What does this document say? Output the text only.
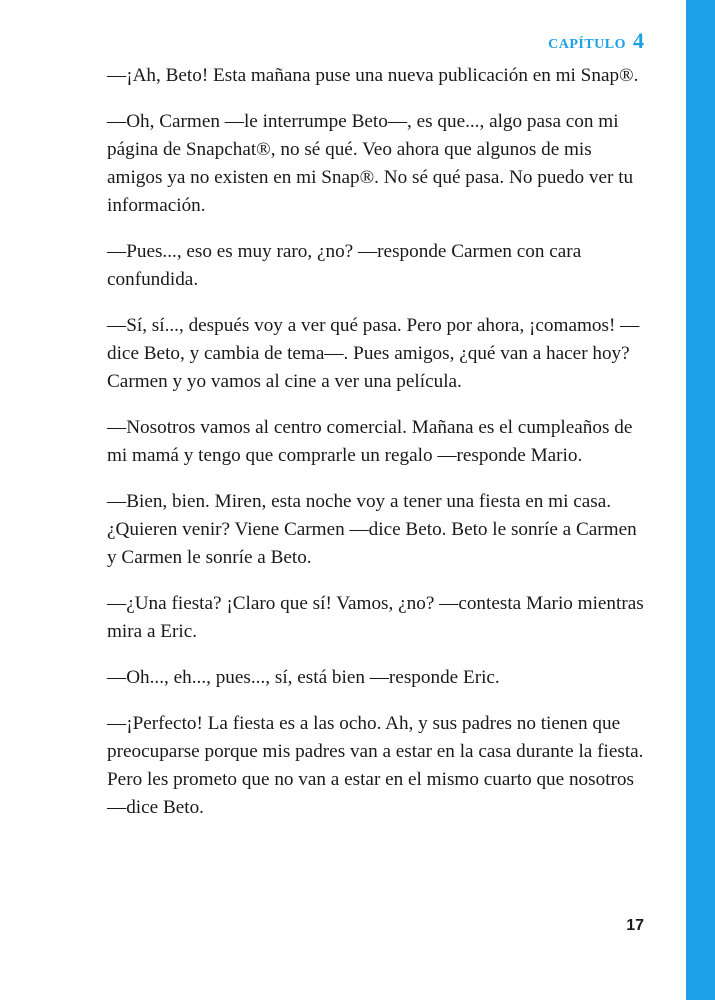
CAPÍTULO 4

—¡Ah, Beto! Esta mañana puse una nueva publicación en mi Snap®.

—Oh, Carmen —le interrumpe Beto—, es que..., algo pasa con mi página de Snapchat®, no sé qué. Veo ahora que algunos de mis amigos ya no existen en mi Snap®. No sé qué pasa. No puedo ver tu información.

—Pues..., eso es muy raro, ¿no? —responde Carmen con cara confundida.

—Sí, sí..., después voy a ver qué pasa. Pero por ahora, ¡comamos! —dice Beto, y cambia de tema—. Pues amigos, ¿qué van a hacer hoy? Carmen y yo vamos al cine a ver una película.

—Nosotros vamos al centro comercial. Mañana es el cumpleaños de mi mamá y tengo que comprarle un regalo —responde Mario.

—Bien, bien. Miren, esta noche voy a tener una fiesta en mi casa. ¿Quieren venir? Viene Carmen —dice Beto. Beto le sonríe a Carmen y Carmen le sonríe a Beto.

—¿Una fiesta? ¡Claro que sí! Vamos, ¿no? —contesta Mario mientras mira a Eric.

—Oh..., eh..., pues..., sí, está bien —responde Eric.

—¡Perfecto! La fiesta es a las ocho. Ah, y sus padres no tienen que preocuparse porque mis padres van a estar en la casa durante la fiesta. Pero les prometo que no van a estar en el mismo cuarto que nosotros —dice Beto.

17
